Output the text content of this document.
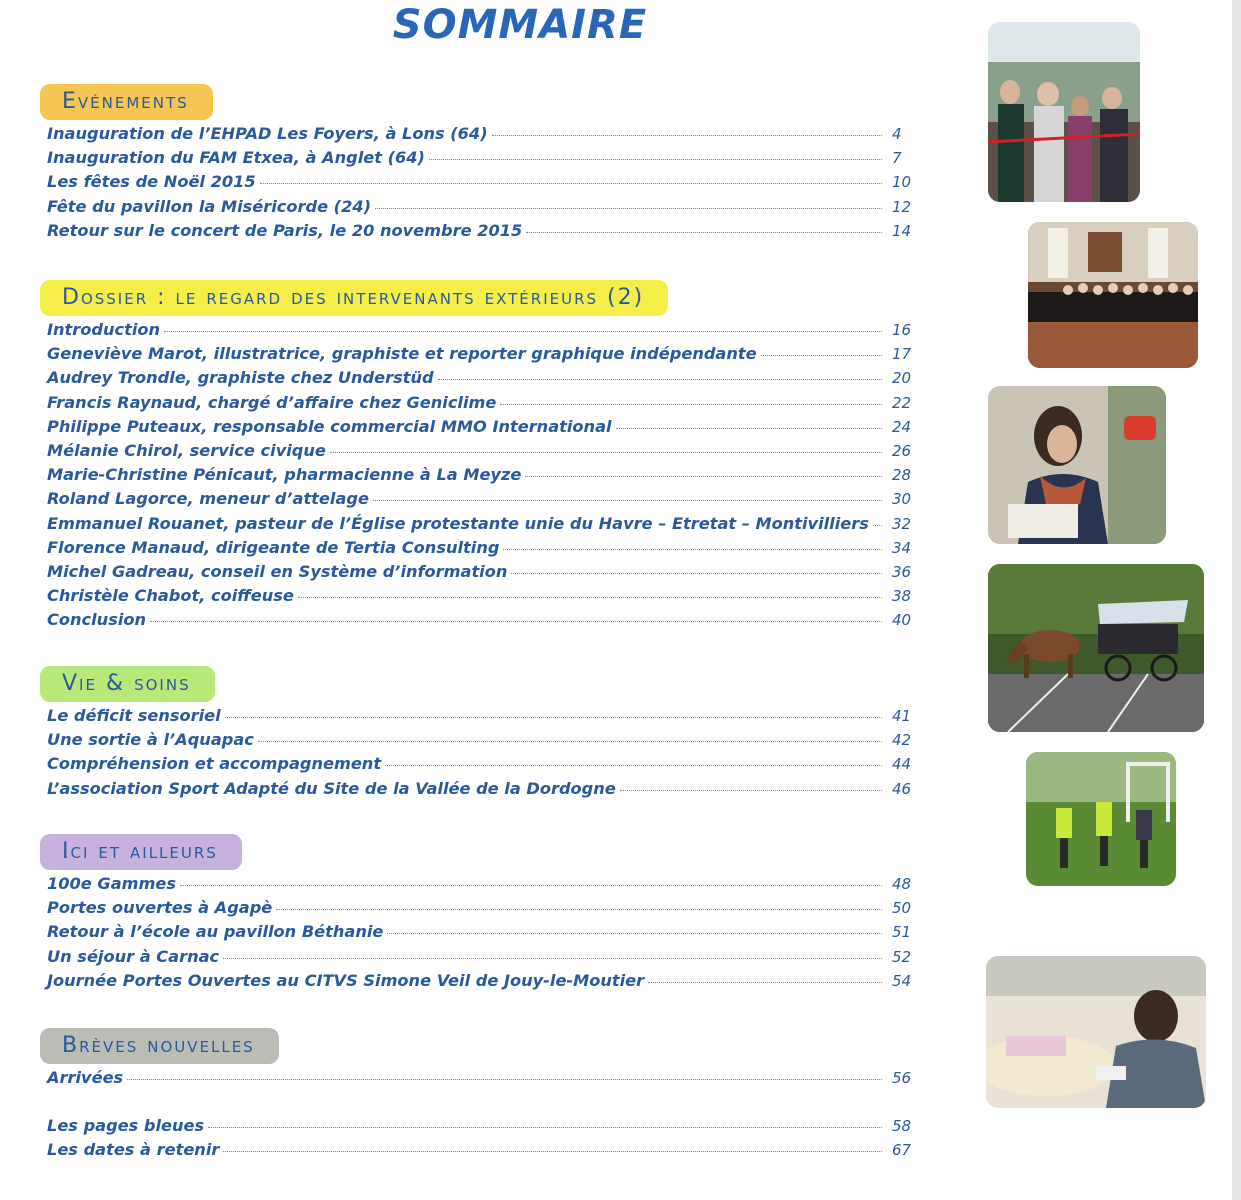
SOMMAIRE
Evénements
Inauguration de l’EHPAD Les Foyers, à Lons (64)	4
Inauguration du FAM Etxea, à Anglet (64)	7
Les fêtes de Noël 2015	10
Fête du pavillon la Miséricorde (24)	12
Retour sur le concert de Paris, le 20 novembre 2015	14
Dossier : le regard des intervenants extérieurs (2)
Introduction	16
Geneviève Marot, illustratrice, graphiste et reporter graphique indépendante	17
Audrey Trondle, graphiste chez Understüd	20
Francis Raynaud, chargé d’affaire chez Geniclime	22
Philippe Puteaux, responsable commercial MMO International	24
Mélanie Chirol, service civique	26
Marie-Christine Pénicaut, pharmacienne à La Meyze	28
Roland Lagorce, meneur d’attelage	30
Emmanuel Rouanet, pasteur de l’Église protestante unie du Havre – Etretat – Montivilliers 32
Florence Manaud, dirigeante de Tertia Consulting	34
Michel Gadreau, conseil en Système d’information	36
Christèle Chabot, coiffeuse	38
Conclusion	40
Vie & soins
Le déficit sensoriel	41
Une sortie à l’Aquapac	42
Compréhension et accompagnement	44
L’association Sport Adapté du Site de la Vallée de la Dordogne	46
Ici et ailleurs
100e Gammes	48
Portes ouvertes à Agapè	50
Retour à l’école au pavillon Béthanie	51
Un séjour à Carnac	52
Journée Portes Ouvertes au CITVS Simone Veil de Jouy-le-Moutier	54
Brèves nouvelles
Arrivées	56
Les pages bleues	58
Les dates à retenir	67
